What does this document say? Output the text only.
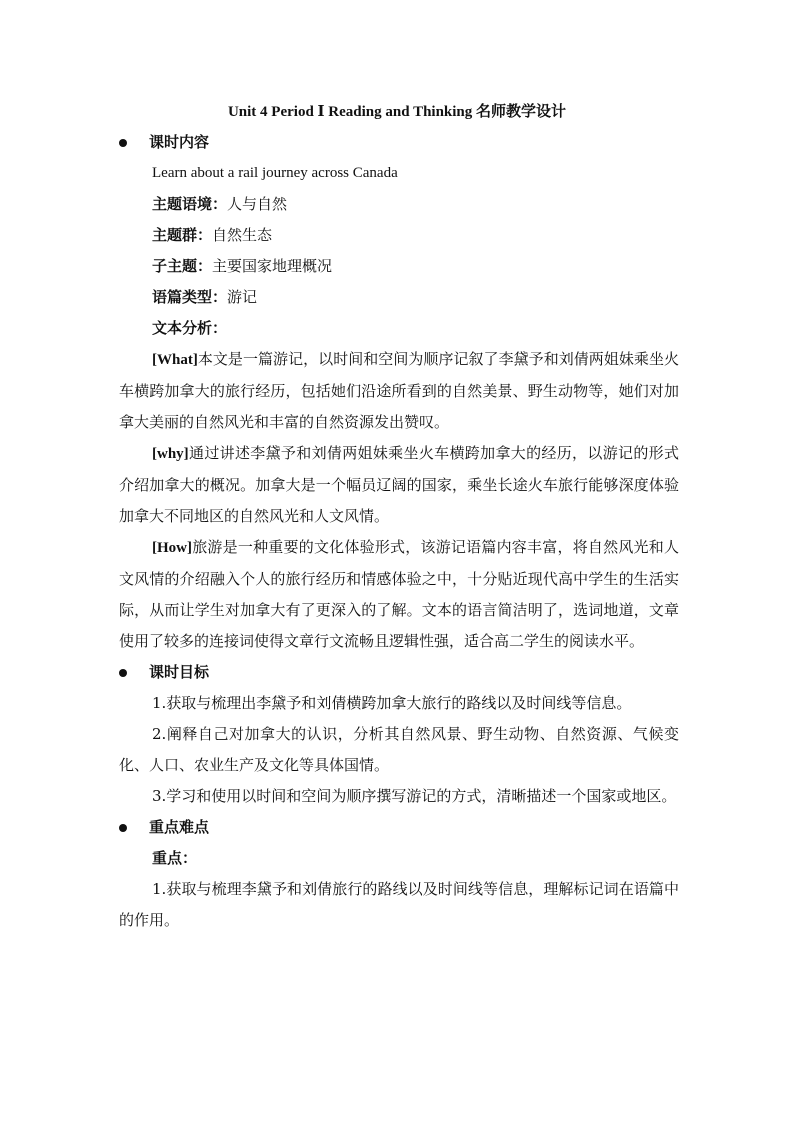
Unit 4 Period Ⅰ Reading and Thinking 名师教学设计
课时内容
Learn about a rail journey across Canada
主题语境：人与自然
主题群：自然生态
子主题：主要国家地理概况
语篇类型：游记
文本分析：

[What]本文是一篇游记，以时间和空间为顺序记叙了李黛予和刘倩两姐妹乘坐火车横跨加拿大的旅行经历，包括她们沿途所看到的自然美景、野生动物等，她们对加拿大美丽的自然风光和丰富的自然资源发出赞叹。

[why]通过讲述李黛予和刘倩两姐妹乘坐火车横跨加拿大的经历，以游记的形式介绍加拿大的概况。加拿大是一个幅员辽阔的国家，乘坐长途火车旅行能够深度体验加拿大不同地区的自然风光和人文风情。

[How]旅游是一种重要的文化体验形式，该游记语篇内容丰富，将自然风光和人文风情的介绍融入个人的旅行经历和情感体验之中，十分贴近现代高中学生的生活实际，从而让学生对加拿大有了更深入的了解。文本的语言简洁明了，选词地道，文章使用了较多的连接词使得文章行文流畅且逻辑性强，适合高二学生的阅读水平。

课时目标

1.获取与梳理出李黛予和刘倩横跨加拿大旅行的路线以及时间线等信息。

2.阐释自己对加拿大的认识，分析其自然风景、野生动物、自然资源、气候变化、人口、农业生产及文化等具体国情。

3.学习和使用以时间和空间为顺序撰写游记的方式，清晰描述一个国家或地区。

重点难点
重点：

1.获取与梳理李黛予和刘倩旅行的路线以及时间线等信息，理解标记词在语篇中的作用。
